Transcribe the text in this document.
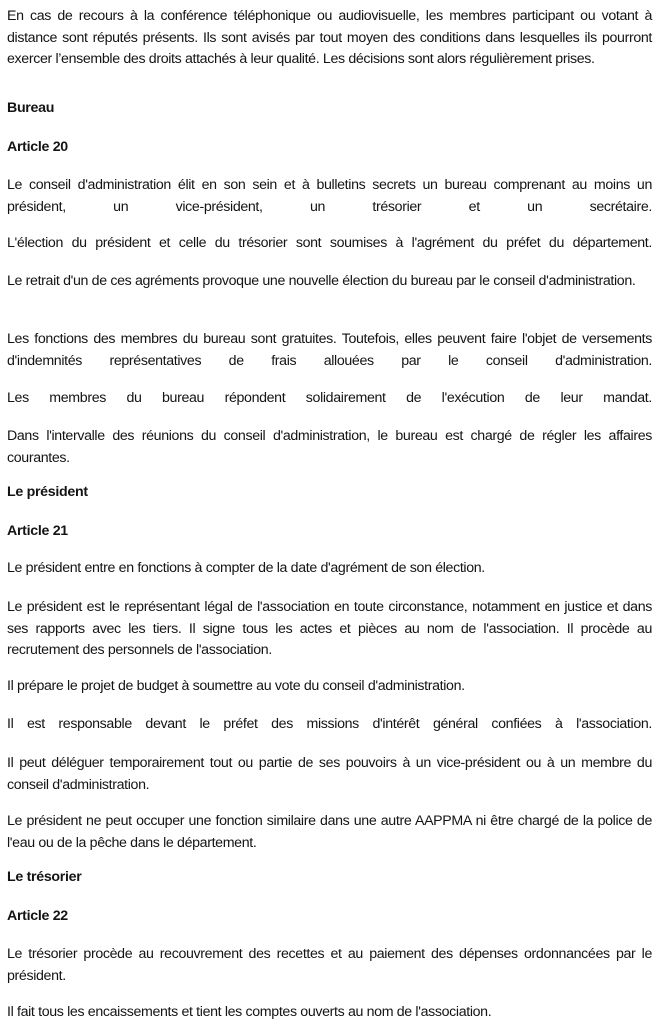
En cas de recours à la conférence téléphonique ou audiovisuelle, les membres participant ou votant à distance sont réputés présents. Ils sont avisés par tout moyen des conditions dans lesquelles ils pourront exercer l’ensemble des droits attachés à leur qualité. Les décisions sont alors régulièrement prises.

Bureau
Article 20

Le conseil d'administration élit en son sein et à bulletins secrets un bureau comprenant au moins un président, un vice-président, un trésorier et un secrétaire.

L'élection du président et celle du trésorier sont soumises à l'agrément du préfet du département.

Le retrait d'un de ces agréments provoque une nouvelle élection du bureau par le conseil d'administration.

Les fonctions des membres du bureau sont gratuites. Toutefois, elles peuvent faire l'objet de versements d'indemnités représentatives de frais allouées par le conseil d'administration.

Les membres du bureau répondent solidairement de l'exécution de leur mandat.

Dans l'intervalle des réunions du conseil d'administration, le bureau est chargé de régler les affaires courantes.

Le président
Article 21

Le président entre en fonctions à compter de la date d'agrément de son élection.

Le président est le représentant légal de l'association en toute circonstance, notamment en justice et dans ses rapports avec les tiers. Il signe tous les actes et pièces au nom de l'association. Il procède au recrutement des personnels de l'association.

Il prépare le projet de budget à soumettre au vote du conseil d'administration.

Il est responsable devant le préfet des missions d'intérêt général confiées à l'association.

Il peut déléguer temporairement tout ou partie de ses pouvoirs à un vice-président ou à un membre du conseil d'administration.

Le président ne peut occuper une fonction similaire dans une autre AAPPMA ni être chargé de la police de l'eau ou de la pêche dans le département.

Le trésorier
Article 22

Le trésorier procède au recouvrement des recettes et au paiement des dépenses ordonnancées par le président.

Il fait tous les encaissements et tient les comptes ouverts au nom de l'association.
